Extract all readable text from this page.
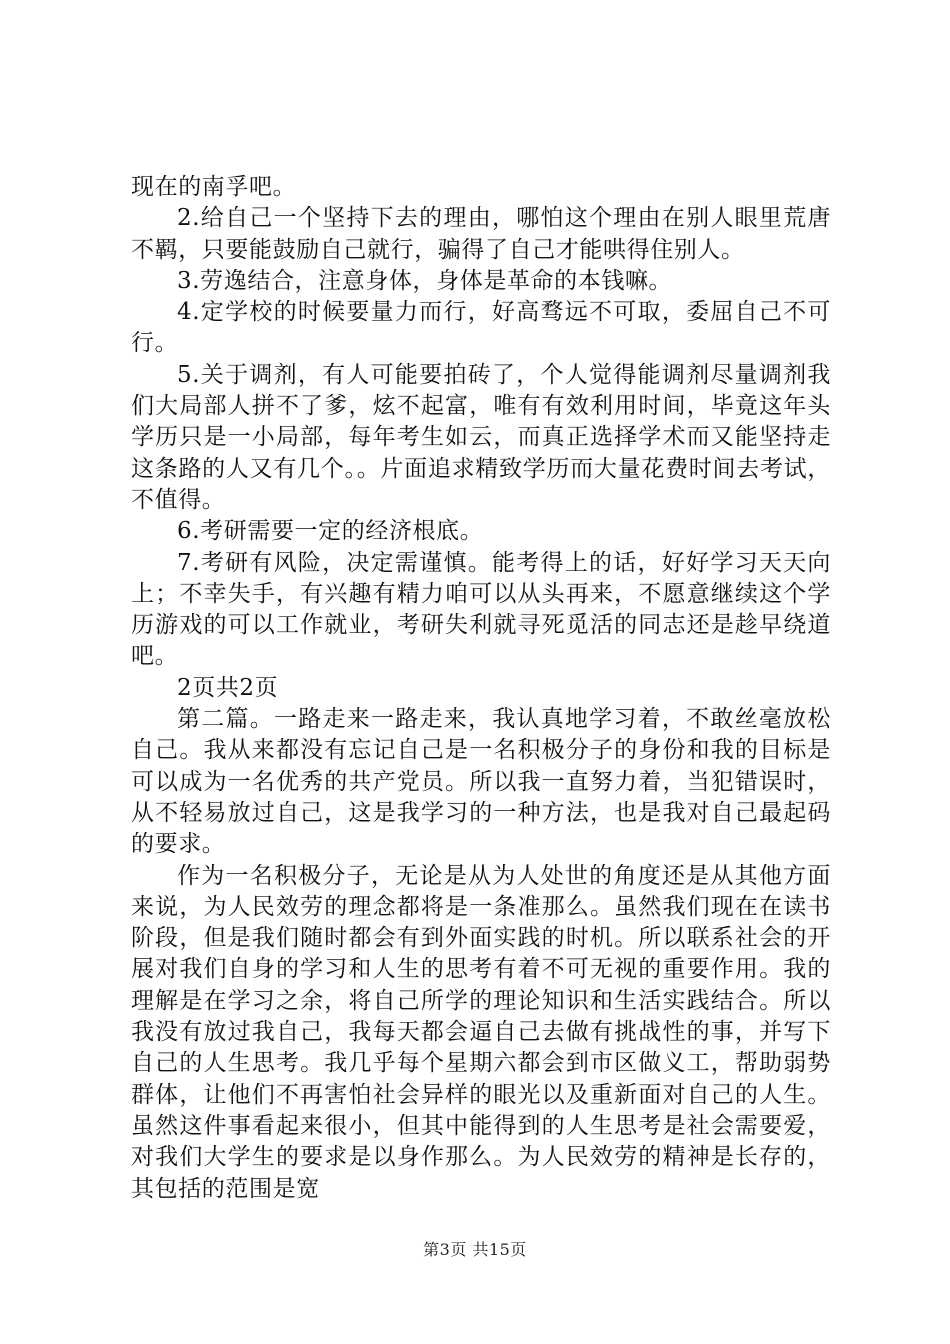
现在的南孚吧。

2.给自己一个坚持下去的理由，哪怕这个理由在别人眼里荒唐不羁，只要能鼓励自己就行，骗得了自己才能哄得住别人。

3.劳逸结合，注意身体，身体是革命的本钱嘛。

4.定学校的时候要量力而行，好高骛远不可取，委屈自己不可行。

5.关于调剂，有人可能要拍砖了，个人觉得能调剂尽量调剂我们大局部人拼不了爹，炫不起富，唯有有效利用时间，毕竟这年头学历只是一小局部，每年考生如云，而真正选择学术而又能坚持走这条路的人又有几个。。片面追求精致学历而大量花费时间去考试，不值得。

6.考研需要一定的经济根底。

7.考研有风险，决定需谨慎。能考得上的话，好好学习天天向上；不幸失手，有兴趣有精力咱可以从头再来，不愿意继续这个学历游戏的可以工作就业，考研失利就寻死觅活的同志还是趁早绕道吧。

2页共2页

第二篇。一路走来一路走来，我认真地学习着，不敢丝毫放松自己。我从来都没有忘记自己是一名积极分子的身份和我的目标是可以成为一名优秀的共产党员。所以我一直努力着，当犯错误时，从不轻易放过自己，这是我学习的一种方法，也是我对自己最起码的要求。

作为一名积极分子，无论是从为人处世的角度还是从其他方面来说，为人民效劳的理念都将是一条准那么。虽然我们现在在读书阶段，但是我们随时都会有到外面实践的时机。所以联系社会的开展对我们自身的学习和人生的思考有着不可无视的重要作用。我的理解是在学习之余，将自己所学的理论知识和生活实践结合。所以我没有放过我自己，我每天都会逼自己去做有挑战性的事，并写下自己的人生思考。我几乎每个星期六都会到市区做义工，帮助弱势群体，让他们不再害怕社会异样的眼光以及重新面对自己的人生。虽然这件事看起来很小，但其中能得到的人生思考是社会需要爱，对我们大学生的要求是以身作那么。为人民效劳的精神是长存的，其包括的范围是宽

第3页 共15页
